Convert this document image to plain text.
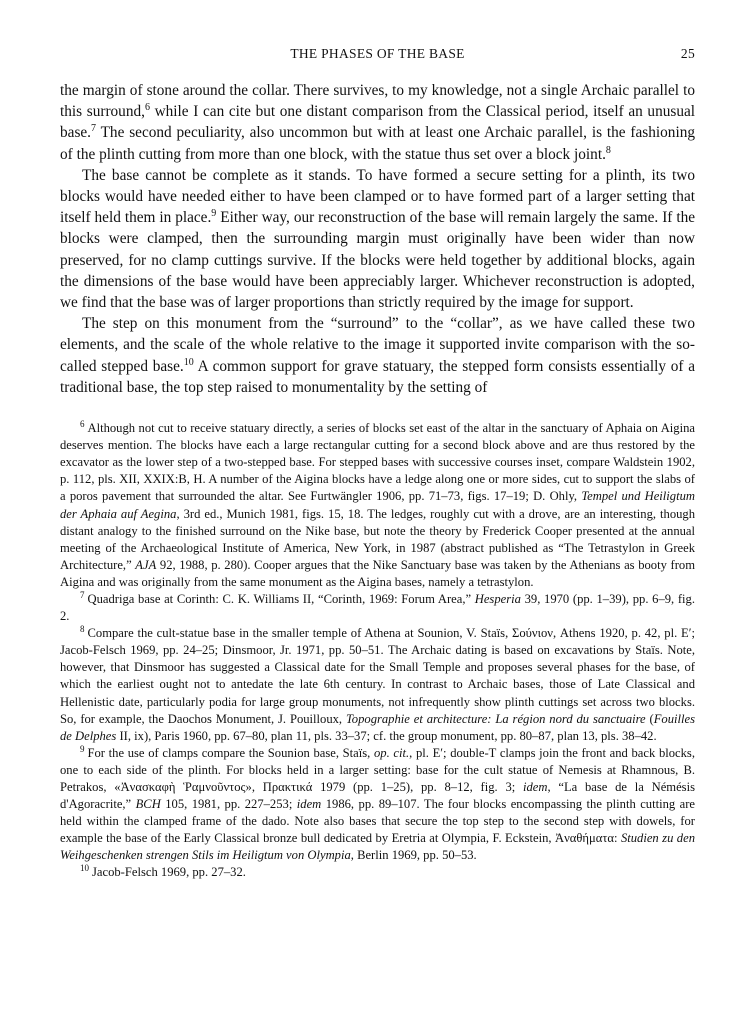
THE PHASES OF THE BASE	25

the margin of stone around the collar. There survives, to my knowledge, not a single Archaic parallel to this surround,$^6$ while I can cite but one distant comparison from the Classical period, itself an unusual base.$^7$ The second peculiarity, also uncommon but with at least one Archaic parallel, is the fashioning of the plinth cutting from more than one block, with the statue thus set over a block joint.$^8$

The base cannot be complete as it stands. To have formed a secure setting for a plinth, its two blocks would have needed either to have been clamped or to have formed part of a larger setting that itself held them in place.$^9$ Either way, our reconstruction of the base will remain largely the same. If the blocks were clamped, then the surrounding margin must originally have been wider than now preserved, for no clamp cuttings survive. If the blocks were held together by additional blocks, again the dimensions of the base would have been appreciably larger. Whichever reconstruction is adopted, we find that the base was of larger proportions than strictly required by the image for support.

The step on this monument from the “surround” to the “collar”, as we have called these two elements, and the scale of the whole relative to the image it supported invite comparison with the so-called stepped base.$^{10}$ A common support for grave statuary, the stepped form consists essentially of a traditional base, the top step raised to monumentality by the setting of

$^6$ Although not cut to receive statuary directly, a series of blocks set east of the altar in the sanctuary of Aphaia on Aigina deserves mention. The blocks have each a large rectangular cutting for a second block above and are thus restored by the excavator as the lower step of a two-stepped base. For stepped bases with successive courses inset, compare Waldstein 1902, p. 112, pls. XII, XXIX:B, H. A number of the Aigina blocks have a ledge along one or more sides, cut to support the slabs of a poros pavement that surrounded the altar. See Furtwängler 1906, pp. 71–73, figs. 17–19; D. Ohly, Tempel und Heiligtum der Aphaia auf Aegina, 3rd ed., Munich 1981, figs. 15, 18. The ledges, roughly cut with a drove, are an interesting, though distant analogy to the finished surround on the Nike base, but note the theory by Frederick Cooper presented at the annual meeting of the Archaeological Institute of America, New York, in 1987 (abstract published as “The Tetrastylon in Greek Architecture,” AJA 92, 1988, p. 280). Cooper argues that the Nike Sanctuary base was taken by the Athenians as booty from Aigina and was originally from the same monument as the Aigina bases, namely a tetrastylon.

$^7$ Quadriga base at Corinth: C. K. Williams II, “Corinth, 1969: Forum Area,” Hesperia 39, 1970 (pp. 1–39), pp. 6–9, fig. 2.

$^8$ Compare the cult-statue base in the smaller temple of Athena at Sounion, V. Staïs, Σούνιον, Athens 1920, p. 42, pl. E′; Jacob-Felsch 1969, pp. 24–25; Dinsmoor, Jr. 1971, pp. 50–51. The Archaic dating is based on excavations by Staïs. Note, however, that Dinsmoor has suggested a Classical date for the Small Temple and proposes several phases for the base, of which the earliest ought not to antedate the late 6th century. In contrast to Archaic bases, those of Late Classical and Hellenistic date, particularly podia for large group monuments, not infrequently show plinth cuttings set across two blocks. So, for example, the Daochos Monument, J. Pouilloux, Topographie et architecture: La région nord du sanctuaire (Fouilles de Delphes II, ix), Paris 1960, pp. 67–80, plan 11, pls. 33–37; cf. the group monument, pp. 80–87, plan 13, pls. 38–42.

$^9$ For the use of clamps compare the Sounion base, Staïs, op. cit., pl. E′; double-T clamps join the front and back blocks, one to each side of the plinth. For blocks held in a larger setting: base for the cult statue of Nemesis at Rhamnous, B. Petrakos, «Ἀνασκαφὴ Ῥαμνοῦντος», Πρακτικά 1979 (pp. 1–25), pp. 8–12, fig. 3; idem, “La base de la Némésis d'Agoracrite,” BCH 105, 1981, pp. 227–253; idem 1986, pp. 89–107. The four blocks encompassing the plinth cutting are held within the clamped frame of the dado. Note also bases that secure the top step to the second step with dowels, for example the base of the Early Classical bronze bull dedicated by Eretria at Olympia, F. Eckstein, Ἀναθήματα: Studien zu den Weihgeschenken strengen Stils im Heiligtum von Olympia, Berlin 1969, pp. 50–53.

$^{10}$ Jacob-Felsch 1969, pp. 27–32.
